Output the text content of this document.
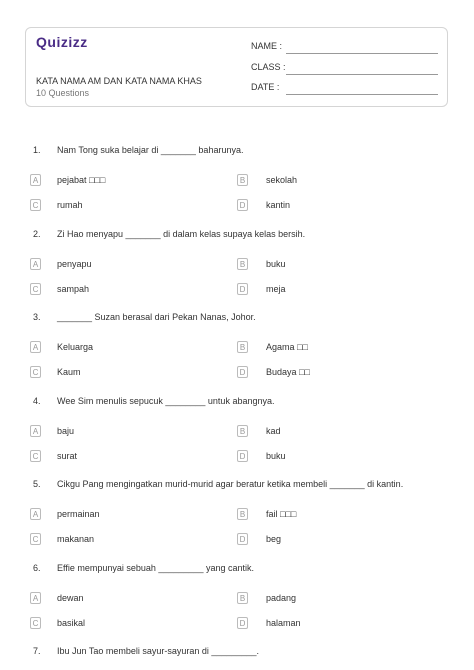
Quizizz
KATA NAMA AM DAN KATA NAMA KHAS
10 Questions
NAME :
CLASS :
DATE :
1. Nam Tong suka belajar di _______ baharunya.
A	pejabat □□□	B	sekolah
C rumah	D kantin
2. Zi Hao menyapu _______ di dalam kelas supaya kelas bersih.
A	penyapu	B	buku
C sampah	D meja
3. _______ Suzan berasal dari Pekan Nanas, Johor.
A	Keluarga	B	Agama □□
C Kaum	D Budaya □□
4. Wee Sim menulis sepucuk ________ untuk abangnya.
A	baju	B	kad
C surat	D buku
5. Cikgu Pang mengingatkan murid-murid agar beratur ketika membeli _______ di kantin.
A	permainan	B	fail □□□
C makanan	D beg
6. Effie mempunyai sebuah _________ yang cantik.
A	dewan	B	padang
C basikal	D halaman
7. Ibu Jun Tao membeli sayur-sayuran di _________.
